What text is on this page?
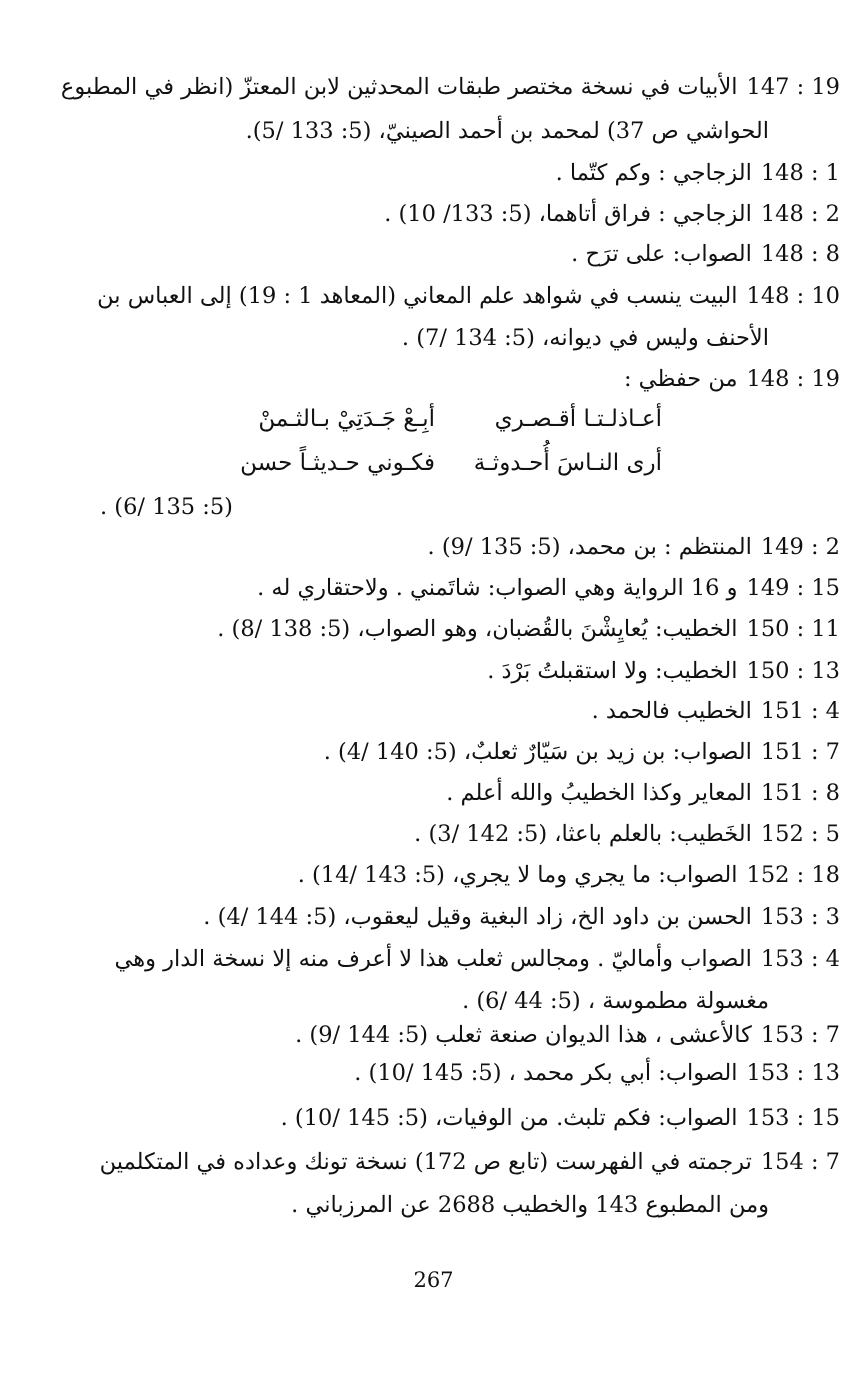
147 : 19الأبيات في نسخة مختصر طبقات المحدثين لابن المعتزّ (انظر في المطبوع
الحواشي ص 37) لمحمد بن أحمد الصينيّ، (5: 133 /5).
148 : 1الزجاجي : وكم كتّما .
148 : 2الزجاجي : فراق أتاهما، (5: 133/ 10) .
148 : 8الصواب: على ترَح .
148 : 10البيت ينسب في شواهد علم المعاني (المعاهد 1 : 19) إلى العباس بن
الأحنف وليس في ديوانه، (5: 134 /7) .
148 : 19من حفظي :
أعـاذلـتـا أقـصـري
أبِـعْ جَـدَتِيْ بـالثـمنْ
أرى النـاسَ أُحـدوثـة
فكـوني حـديثـاً حسن
(5: 135 /6) .
149 : 2المنتظم : بن محمد، (5: 135 /9) .
149 : 15و 16 الرواية وهي الصواب: شاتَمني . ولاحتقاري له .
150 : 11الخطيب: يُعايِشْنَ بالقُضبان، وهو الصواب، (5: 138 /8) .
150 : 13الخطيب: ولا استقبلتُ بَرْدَ .
151 : 4الخطيب فالحمد .
151 : 7الصواب: بن زيد بن سَيّارٌ ثعلبٌ، (5: 140 /4) .
151 : 8المعاير وكذا الخطيبُ والله أعلم .
152 : 5الخَطيب: بالعلم باعثا، (5: 142 /3) .
152 : 18الصواب: ما يجري وما لا يجري، (5: 143 /14) .
153 : 3الحسن بن داود الخ، زاد البغية وقيل ليعقوب، (5: 144 /4) .
153 : 4الصواب وأماليّ . ومجالس ثعلب هذا لا أعرف منه إلا نسخة الدار وهي
مغسولة مطموسة ، (5: 44 /6) .
153 : 7كالأعشى ، هذا الديوان صنعة ثعلب (5: 144 /9) .
153 : 13الصواب: أبي بكر محمد ، (5: 145 /10) .
153 : 15الصواب: فكم تلبث. من الوفيات، (5: 145 /10) .
154 : 7ترجمته في الفهرست (تابع ص 172) نسخة تونك وعداده في المتكلمين
ومن المطبوع 143 والخطيب 2688 عن المرزباني .
267
